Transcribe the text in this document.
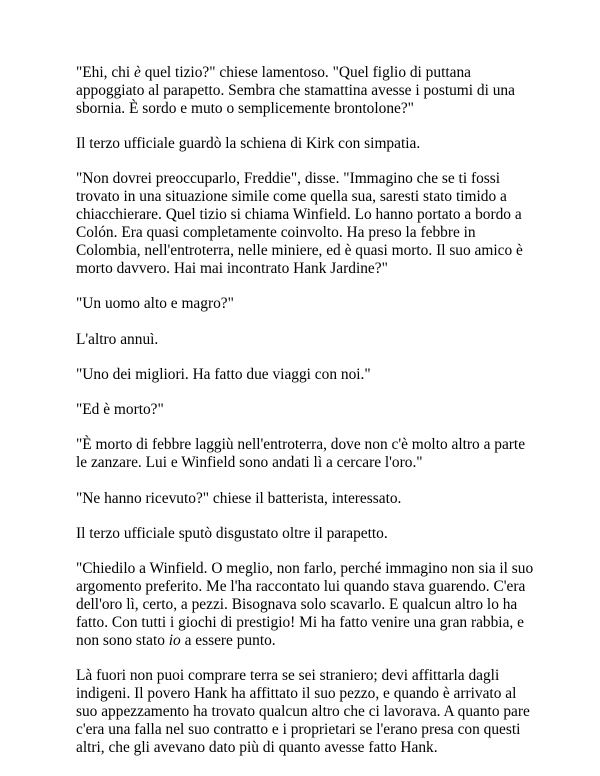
"Ehi, chi è quel tizio?" chiese lamentoso. "Quel figlio di puttana appoggiato al parapetto. Sembra che stamattina avesse i postumi di una sbornia. È sordo e muto o semplicemente brontolone?"

Il terzo ufficiale guardò la schiena di Kirk con simpatia.

"Non dovrei preoccuparlo, Freddie", disse. "Immagino che se ti fossi trovato in una situazione simile come quella sua, saresti stato timido a chiacchierare. Quel tizio si chiama Winfield. Lo hanno portato a bordo a Colón. Era quasi completamente coinvolto. Ha preso la febbre in Colombia, nell'entroterra, nelle miniere, ed è quasi morto. Il suo amico è morto davvero. Hai mai incontrato Hank Jardine?"

"Un uomo alto e magro?"

L'altro annuì.

"Uno dei migliori. Ha fatto due viaggi con noi."

"Ed è morto?"

"È morto di febbre laggiù nell'entroterra, dove non c'è molto altro a parte le zanzare. Lui e Winfield sono andati lì a cercare l'oro."

"Ne hanno ricevuto?" chiese il batterista, interessato.

Il terzo ufficiale sputò disgustato oltre il parapetto.

"Chiedilo a Winfield. O meglio, non farlo, perché immagino non sia il suo argomento preferito. Me l'ha raccontato lui quando stava guarendo. C'era dell'oro lì, certo, a pezzi. Bisognava solo scavarlo. E qualcun altro lo ha fatto. Con tutti i giochi di prestigio! Mi ha fatto venire una gran rabbia, e non sono stato io a essere punto.

Là fuori non puoi comprare terra se sei straniero; devi affittarla dagli indigeni. Il povero Hank ha affittato il suo pezzo, e quando è arrivato al suo appezzamento ha trovato qualcun altro che ci lavorava. A quanto pare c'era una falla nel suo contratto e i proprietari se l'erano presa con questi altri, che gli avevano dato più di quanto avesse fatto Hank.
